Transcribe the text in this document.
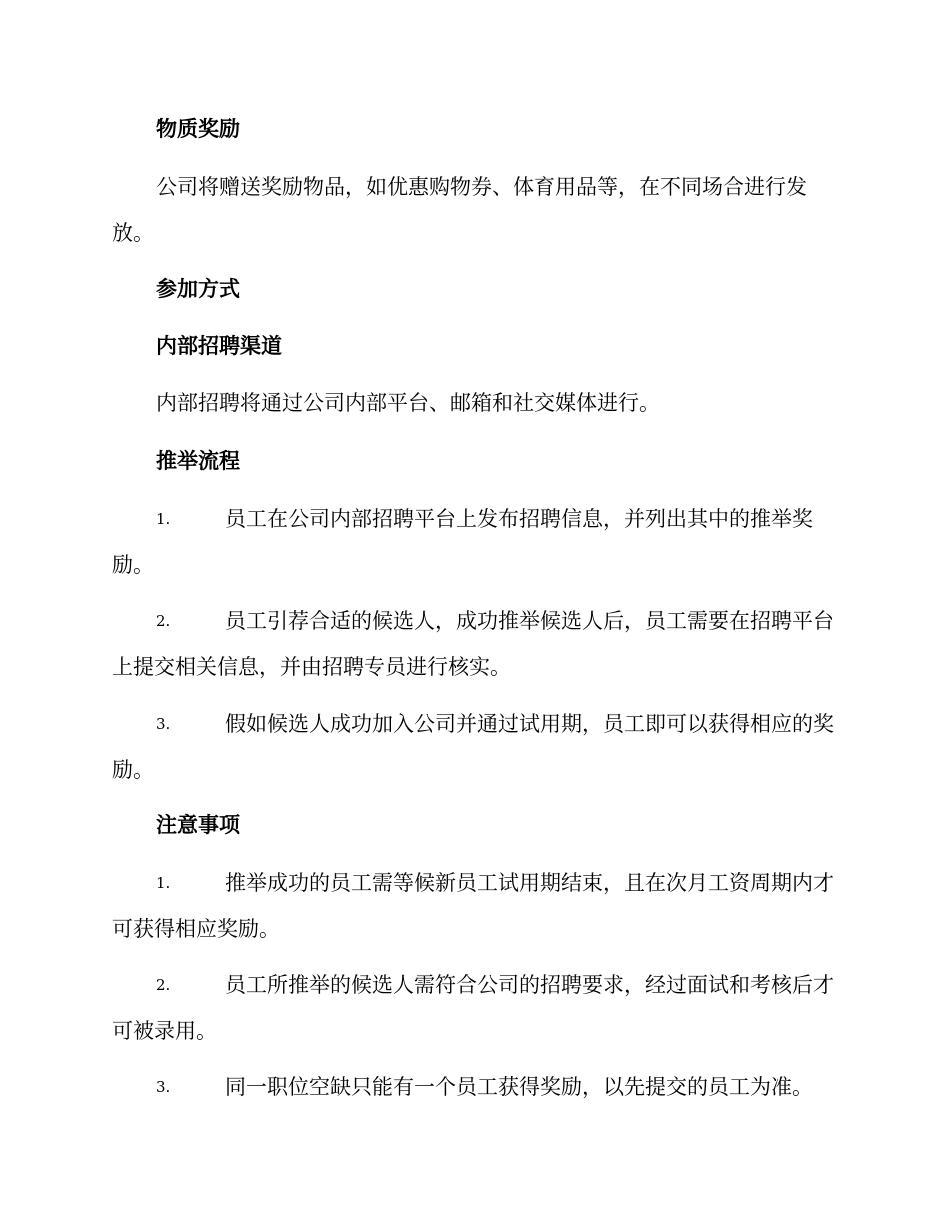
物质奖励
公司将赠送奖励物品，如优惠购物券、体育用品等，在不同场合进行发放。
参加方式
内部招聘渠道
内部招聘将通过公司内部平台、邮箱和社交媒体进行。
推举流程
1.	员工在公司内部招聘平台上发布招聘信息，并列出其中的推举奖励。
2.	员工引荐合适的候选人，成功推举候选人后，员工需要在招聘平台上提交相关信息，并由招聘专员进行核实。
3.	假如候选人成功加入公司并通过试用期，员工即可以获得相应的奖励。
注意事项
1.	推举成功的员工需等候新员工试用期结束，且在次月工资周期内才可获得相应奖励。
2.	员工所推举的候选人需符合公司的招聘要求，经过面试和考核后才可被录用。
3.	同一职位空缺只能有一个员工获得奖励，以先提交的员工为准。
